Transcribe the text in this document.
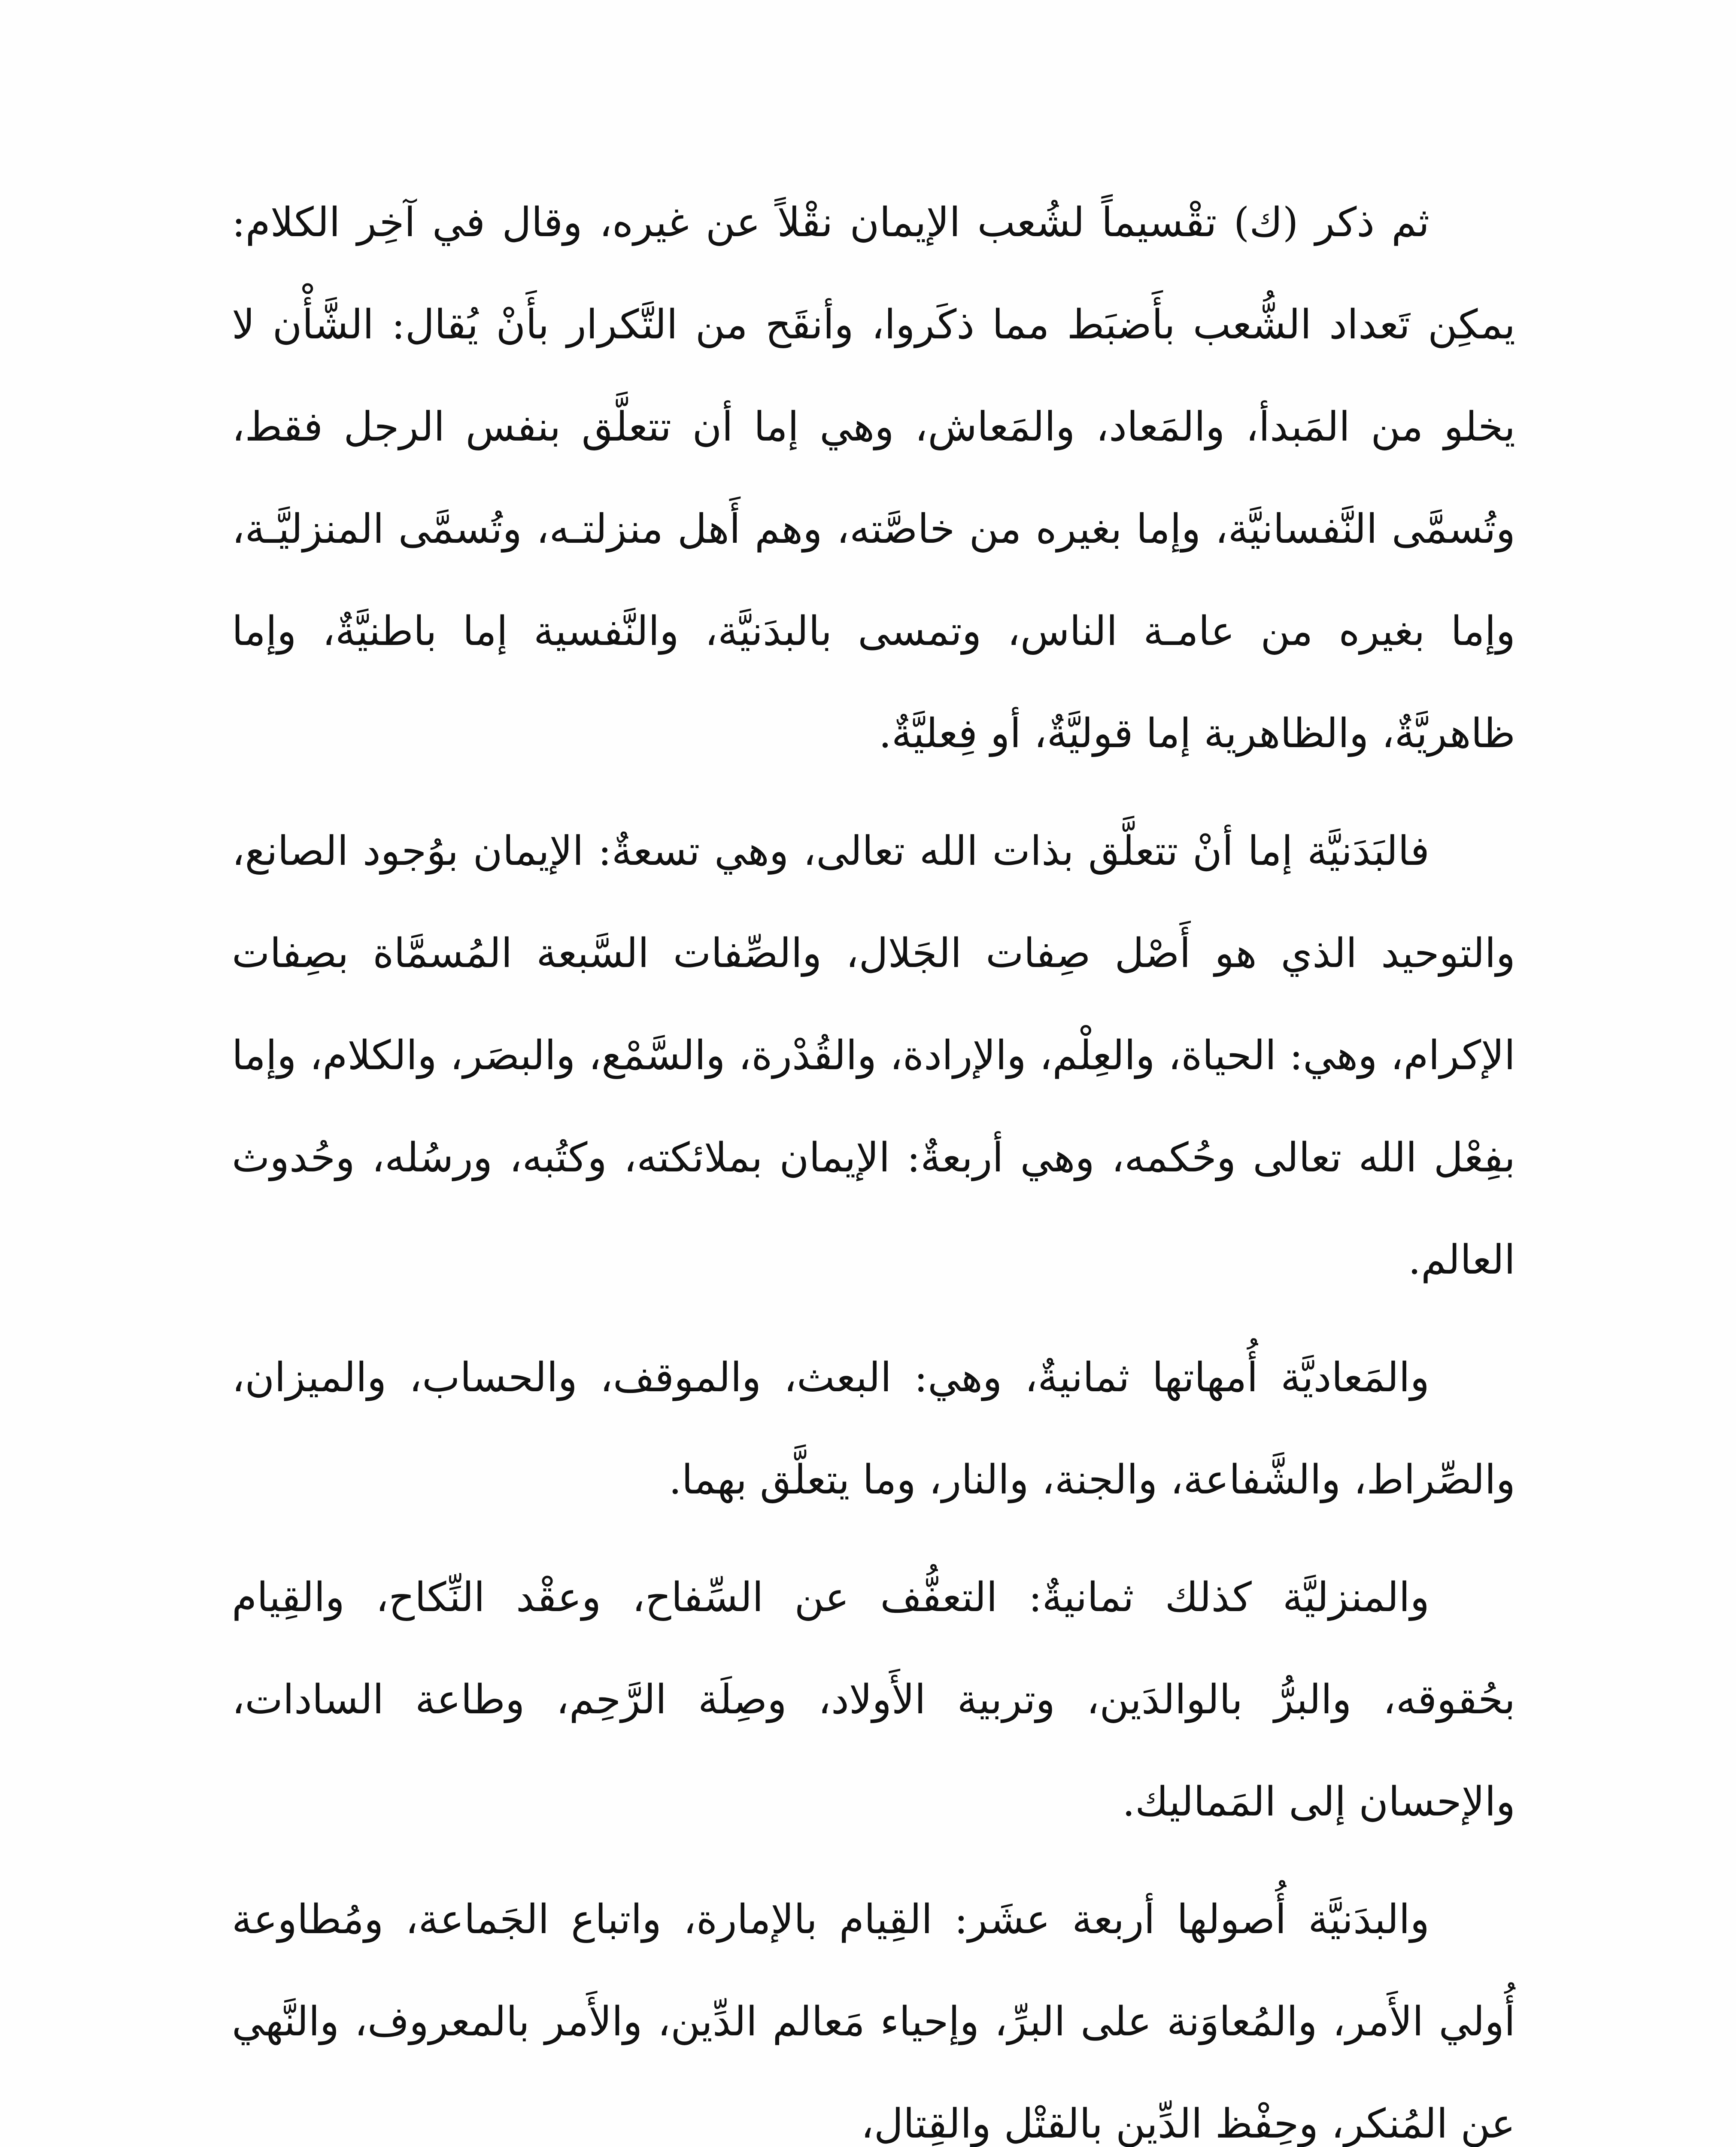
ثم ذكر (ك) تقْسيماً لشُعب الإيمان نقْلاً عن غيره، وقال في آخِر الكلام: يمكِن تَعداد الشُّعب بأَضبَط مما ذكَروا، وأنقَح من التَّكرار بأَنْ يُقال: الشَّأْن لا يخلو من المَبدأ، والمَعاد، والمَعاش، وهي إما أن تتعلَّق بنفس الرجل فقط، وتُسمَّى النَّفسانيَّة، وإما بغيره من خاصَّته، وهم أَهل منزلتـه، وتُسمَّى المنزليَّـة، وإما بغيره من عامـة الناس، وتمسى بالبدَنيَّة، والنَّفسية إما باطنيَّةٌ، وإما ظاهريَّةٌ، والظاهرية إما قوليَّةٌ، أو فِعليَّةٌ.

فالبَدَنيَّة إما أنْ تتعلَّق بذات الله تعالى، وهي تسعةٌ: الإيمان بوُجود الصانع، والتوحيد الذي هو أَصْل صِفات الجَلال، والصِّفات السَّبعة المُسمَّاة بصِفات الإكرام، وهي: الحياة، والعِلْم، والإرادة، والقُدْرة، والسَّمْع، والبصَر، والكلام، وإما بفِعْل الله تعالى وحُكمه، وهي أربعةٌ: الإيمان بملائكته، وكتُبه، ورسُله، وحُدوث العالم.

والمَعاديَّة أُمهاتها ثمانيةٌ، وهي: البعث، والموقف، والحساب، والميزان، والصِّراط، والشَّفاعة، والجنة، والنار، وما يتعلَّق بهما.

والمنزليَّة كذلك ثمانيةٌ: التعفُّف عن السِّفاح، وعقْد النِّكاح، والقِيام بحُقوقه، والبرُّ بالوالدَين، وتربية الأَولاد، وصِلَة الرَّحِم، وطاعة السادات، والإحسان إلى المَماليك.

والبدَنيَّة أُصولها أربعة عشَر: القِيام بالإمارة، واتباع الجَماعة، ومُطاوعة أُولي الأَمر، والمُعاوَنة على البرِّ، وإحياء مَعالم الدِّين، والأَمر بالمعروف، والنَّهي عن المُنكر، وحِفْظ الدِّين بالقتْل والقِتال،
